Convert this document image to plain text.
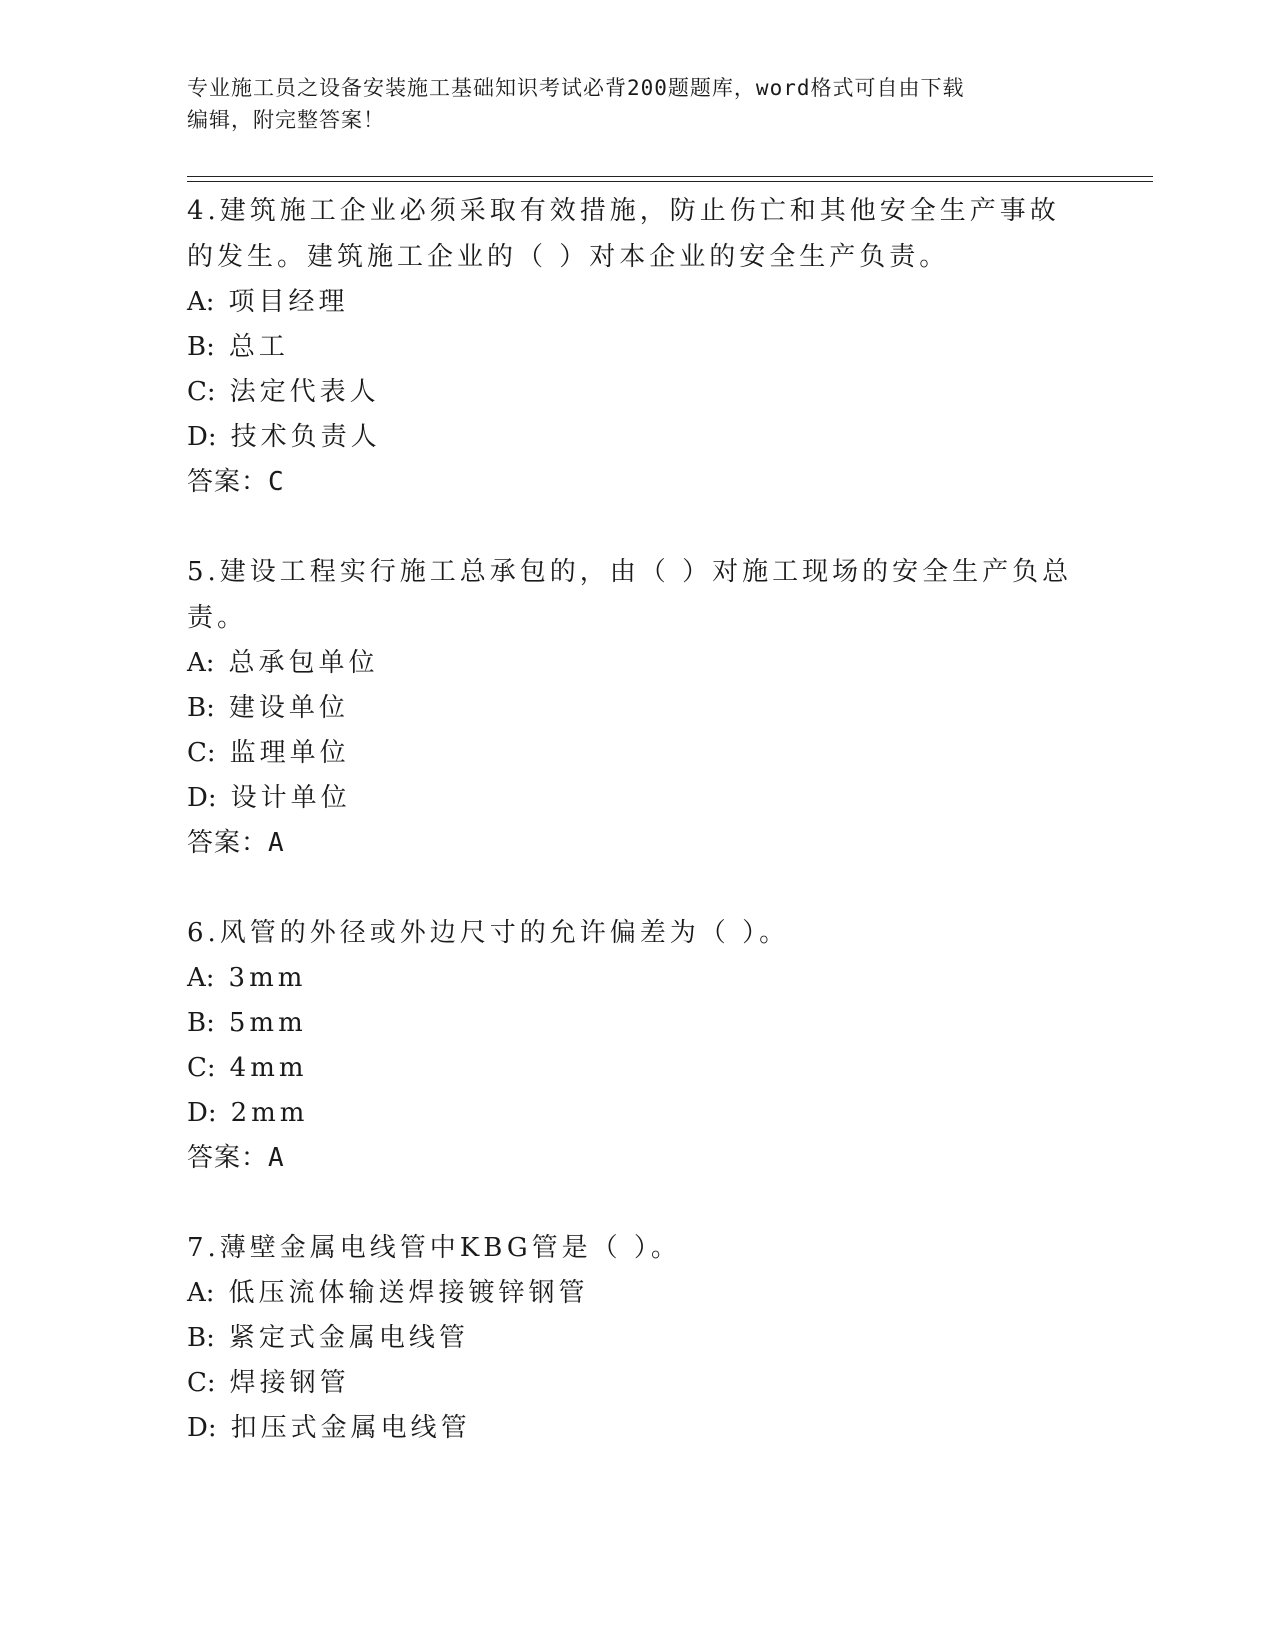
专业施工员之设备安装施工基础知识考试必背200题题库，word格式可自由下载
编辑，附完整答案！

4.建筑施工企业必须采取有效措施，防止伤亡和其他安全生产事故的发生。建筑施工企业的（ ）对本企业的安全生产负责。

A: 项目经理
B: 总工
C: 法定代表人
D: 技术负责人
答案：C

5.建设工程实行施工总承包的，由（ ）对施工现场的安全生产负总责。

A: 总承包单位
B: 建设单位
C: 监理单位
D: 设计单位
答案：A

6.风管的外径或外边尺寸的允许偏差为（ ）。

A: 3mm
B: 5mm
C: 4mm
D: 2mm
答案：A

7.薄壁金属电线管中KBG管是（ ）。

A: 低压流体输送焊接镀锌钢管
B: 紧定式金属电线管
C: 焊接钢管
D: 扣压式金属电线管
